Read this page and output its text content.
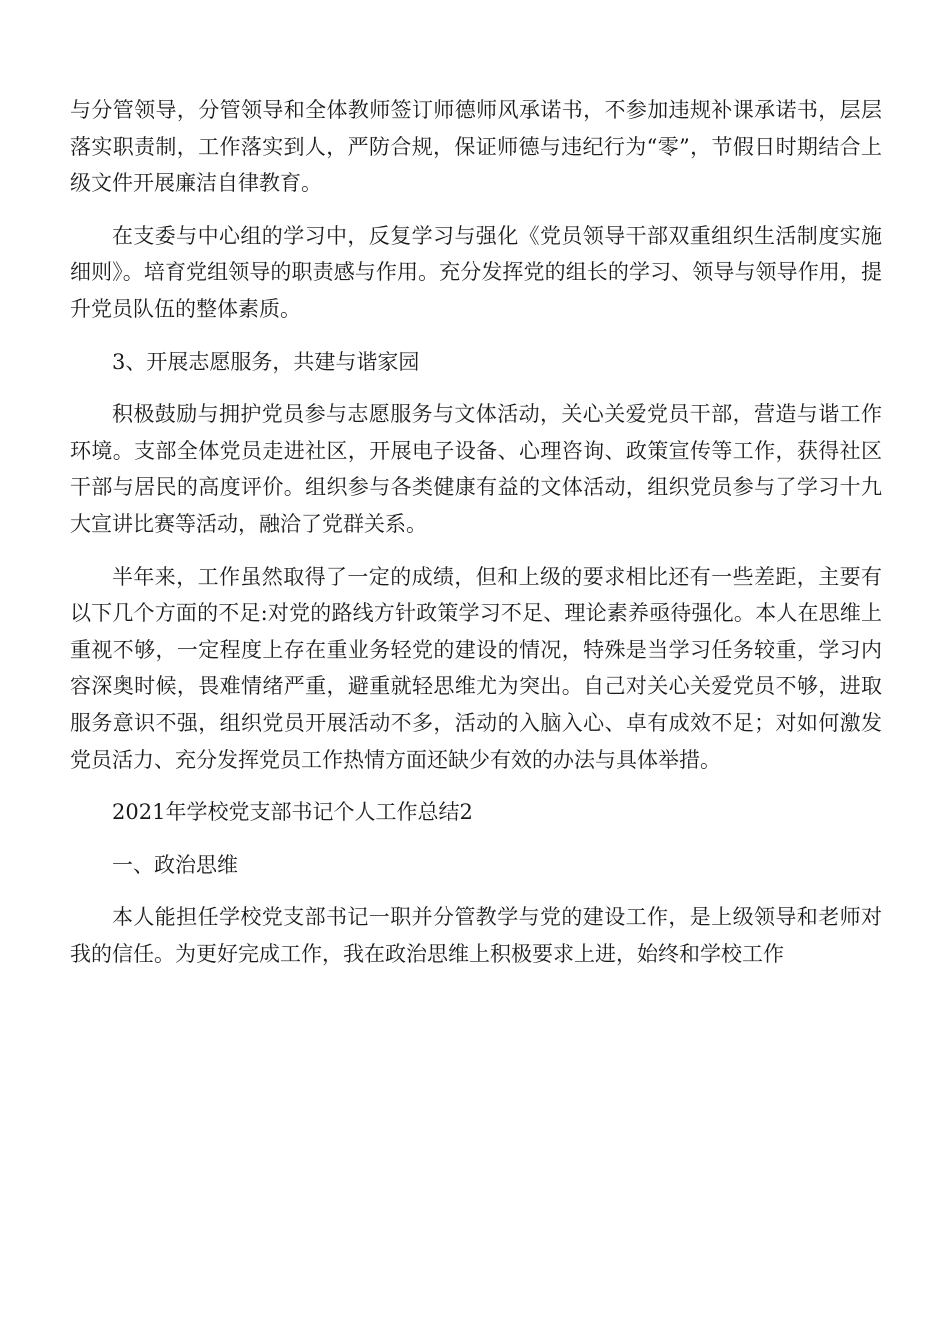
与分管领导，分管领导和全体教师签订师德师风承诺书，不参加违规补课承诺书，层层落实职责制，工作落实到人，严防合规，保证师德与违纪行为“零”，节假日时期结合上级文件开展廉洁自律教育。

在支委与中心组的学习中，反复学习与强化《党员领导干部双重组织生活制度实施细则》。培育党组领导的职责感与作用。充分发挥党的组长的学习、领导与领导作用，提升党员队伍的整体素质。

3、开展志愿服务，共建与谐家园

积极鼓励与拥护党员参与志愿服务与文体活动，关心关爱党员干部，营造与谐工作环境。支部全体党员走进社区，开展电子设备、心理咨询、政策宣传等工作，获得社区干部与居民的高度评价。组织参与各类健康有益的文体活动，组织党员参与了学习十九大宣讲比赛等活动，融洽了党群关系。

半年来，工作虽然取得了一定的成绩，但和上级的要求相比还有一些差距，主要有以下几个方面的不足:对党的路线方针政策学习不足、理论素养亟待强化。本人在思维上重视不够，一定程度上存在重业务轻党的建设的情况，特殊是当学习任务较重，学习内容深奥时候，畏难情绪严重，避重就轻思维尤为突出。自己对关心关爱党员不够，进取服务意识不强，组织党员开展活动不多，活动的入脑入心、卓有成效不足；对如何激发党员活力、充分发挥党员工作热情方面还缺少有效的办法与具体举措。

2021年学校党支部书记个人工作总结2

一、政治思维

本人能担任学校党支部书记一职并分管教学与党的建设工作，是上级领导和老师对我的信任。为更好完成工作，我在政治思维上积极要求上进，始终和学校工作
